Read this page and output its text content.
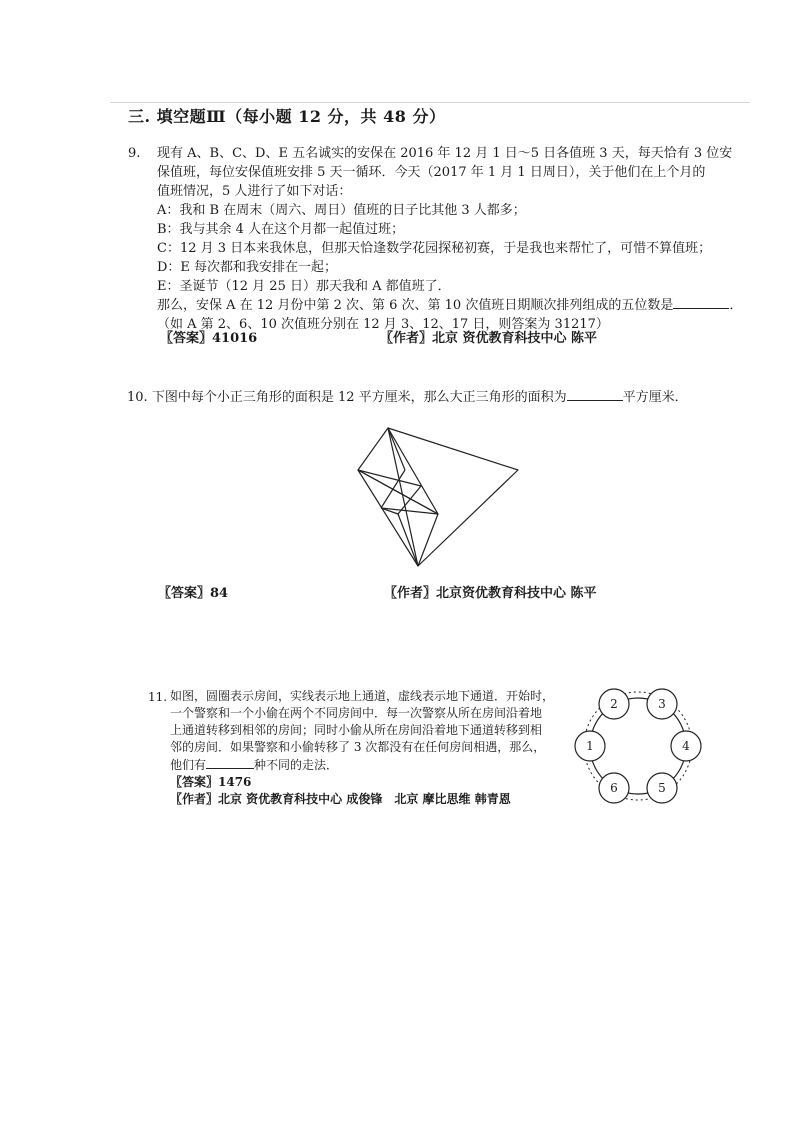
三. 填空题Ⅲ（每小题 12 分，共 48 分）
9. 现有 A、B、C、D、E 五名诚实的安保在 2016 年 12 月 1 日～5 日各值班 3 天，每天恰有 3 位安
保值班，每位安保值班安排 5 天一循环．今天（2017 年 1 月 1 日周日），关于他们在上个月的
值班情况，5 人进行了如下对话：
A：我和 B 在周末（周六、周日）值班的日子比其他 3 人都多；
B：我与其余 4 人在这个月都一起值过班；
C：12 月 3 日本来我休息，但那天恰逢数学花园探秘初赛，于是我也来帮忙了，可惜不算值班；
D：E 每次都和我安排在一起；
E：圣诞节（12 月 25 日）那天我和 A 都值班了．
那么，安保 A 在 12 月份中第 2 次、第 6 次、第 10 次值班日期顺次排列组成的五位数是	．
（如 A 第 2、6、10 次值班分别在 12 月 3、12、17 日，则答案为 31217）
〖答案〗41016	〖作者〗北京 资优教育科技中心 陈平
10. 下图中每个小正三角形的面积是 12 平方厘米，那么大正三角形的面积为	平方厘米．
〖答案〗84	〖作者〗北京资优教育科技中心 陈平
11. 如图，圆圈表示房间，实线表示地上通道，虚线表示地下通道．开始时，
一个警察和一个小偷在两个不同房间中．每一次警察从所在房间沿着地
上通道转移到相邻的房间；同时小偷从所在房间沿着地下通道转移到相
邻的房间．如果警察和小偷转移了 3 次都没有在任何房间相遇，那么，
他们有	种不同的走法．
〖答案〗1476
〖作者〗北京 资优教育科技中心 成俊锋　北京 摩比思维 韩青恩
2	3
1	4
6	5
